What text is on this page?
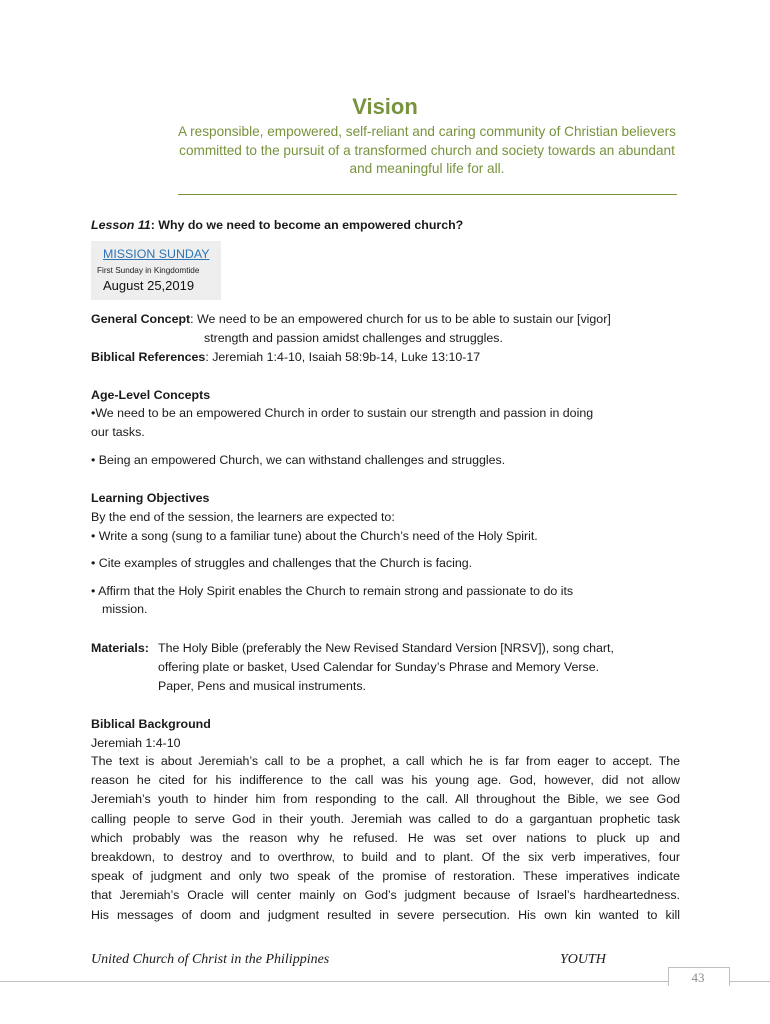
Vision
A responsible, empowered, self-reliant and caring community of Christian believers committed to the pursuit of a transformed church and society towards an abundant and meaningful life for all.
Lesson 11: Why do we need to become an empowered church?
MISSION SUNDAY
First Sunday in Kingdomtide
August 25,2019
General Concept: We need to be an empowered church for us to be able to sustain our [vigor]
strength and passion amidst challenges and struggles.
Biblical References: Jeremiah 1:4-10, Isaiah 58:9b-14, Luke 13:10-17
Age-Level Concepts
•We need to be an empowered Church in order to sustain our strength and passion in doing
our tasks.
• Being an empowered Church, we can withstand challenges and struggles.
Learning Objectives
By the end of the session, the learners are expected to:
• Write a song (sung to a familiar tune) about the Church’s need of the Holy Spirit.
• Cite examples of struggles and challenges that the Church is facing.
• Affirm that the Holy Spirit enables the Church to remain strong and passionate to do its
mission.
Materials: The Holy Bible (preferably the New Revised Standard Version [NRSV]), song chart,
offering plate or basket, Used Calendar for Sunday’s Phrase and Memory Verse.
Paper, Pens and musical instruments.
Biblical Background
Jeremiah 1:4-10
The text is about Jeremiah’s call to be a prophet, a call which he is far from eager to accept. The
reason he cited for his indifference to the call was his young age. God, however, did not allow
Jeremiah’s youth to hinder him from responding to the call. All throughout the Bible, we see God
calling people to serve God in their youth. Jeremiah was called to do a gargantuan prophetic task
which probably was the reason why he refused. He was set over nations to pluck up and
breakdown, to destroy and to overthrow, to build and to plant. Of the six verb imperatives, four
speak of judgment and only two speak of the promise of restoration. These imperatives indicate
that Jeremiah’s Oracle will center mainly on God’s judgment because of Israel’s hardheartedness.
His messages of doom and judgment resulted in severe persecution. His own kin wanted to kill
United Church of Christ in the Philippines	YOUTH
43
